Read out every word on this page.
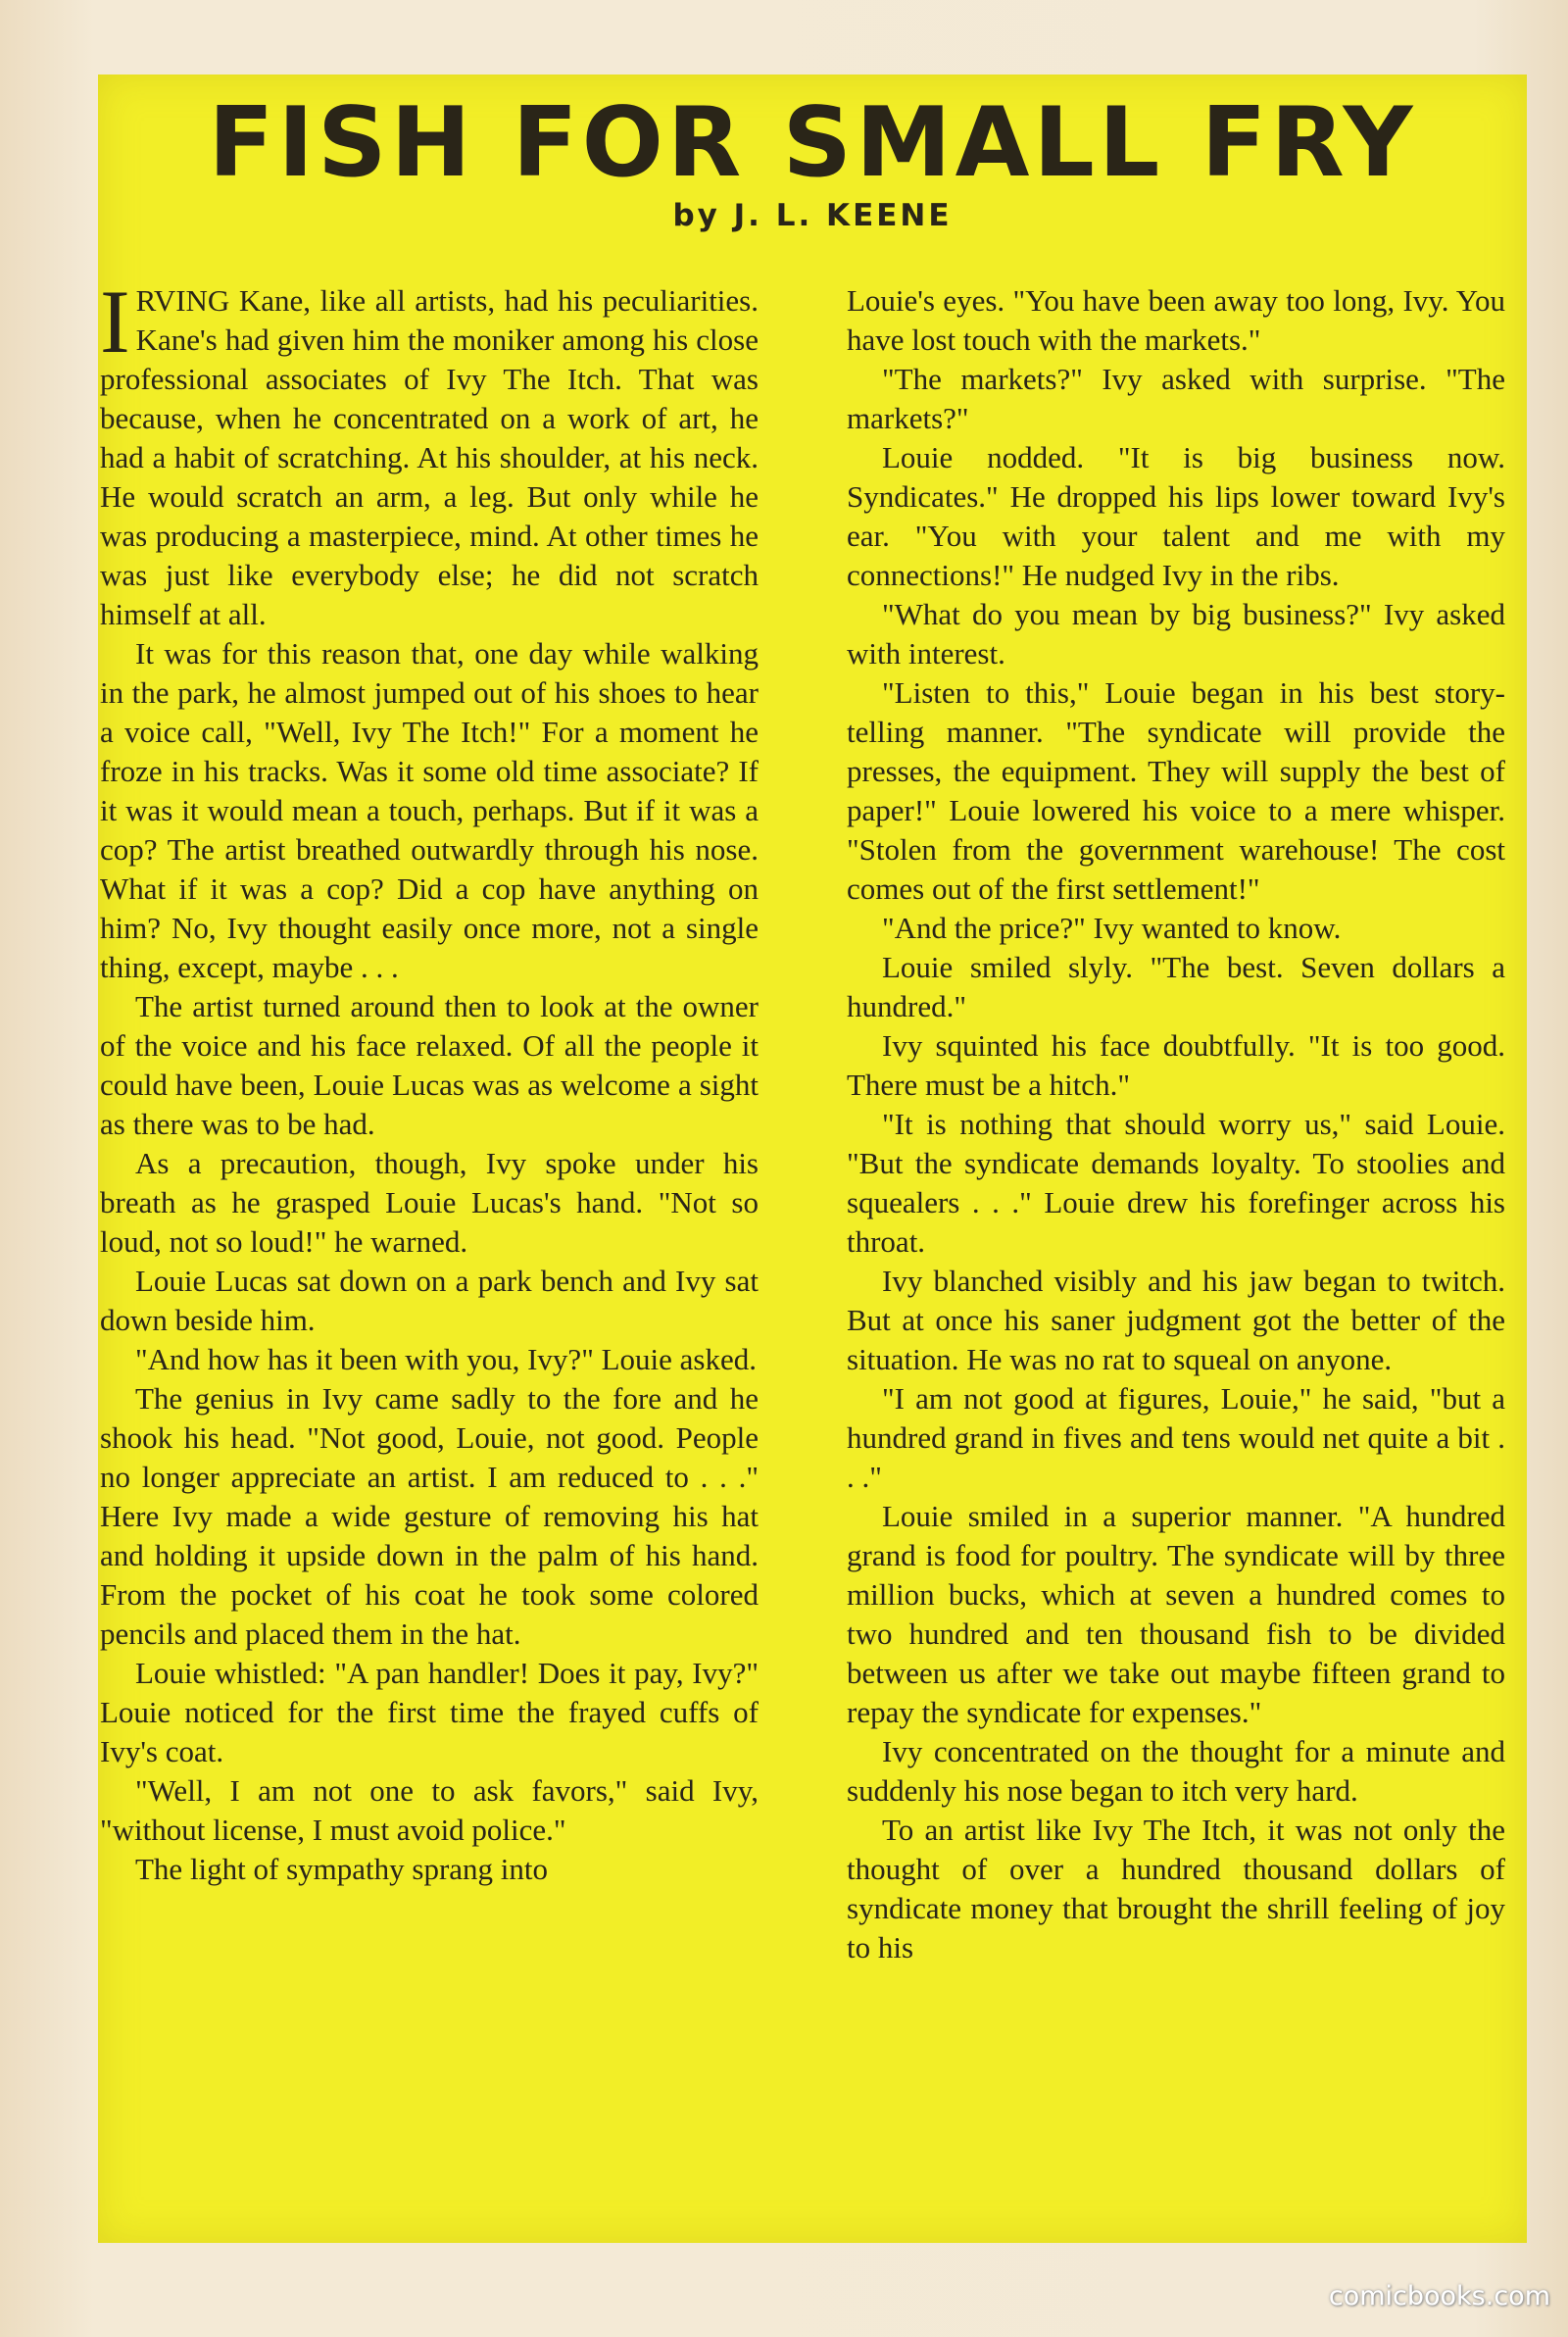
FISH FOR SMALL FRY
by J. L. KEENE

IRVING Kane, like all artists, had his peculiarities. Kane's had given him the moniker among his close professional associates of Ivy The Itch. That was because, when he concentrated on a work of art, he had a habit of scratching. At his shoulder, at his neck. He would scratch an arm, a leg. But only while he was producing a masterpiece, mind. At other times he was just like everybody else; he did not scratch himself at all.

It was for this reason that, one day while walking in the park, he almost jumped out of his shoes to hear a voice call, "Well, Ivy The Itch!" For a moment he froze in his tracks. Was it some old time associate? If it was it would mean a touch, perhaps. But if it was a cop? The artist breathed outwardly through his nose. What if it was a cop? Did a cop have anything on him? No, Ivy thought easily once more, not a single thing, except, maybe . . .

The artist turned around then to look at the owner of the voice and his face relaxed. Of all the people it could have been, Louie Lucas was as welcome a sight as there was to be had.

As a precaution, though, Ivy spoke under his breath as he grasped Louie Lucas's hand. "Not so loud, not so loud!" he warned.

Louie Lucas sat down on a park bench and Ivy sat down beside him.

"And how has it been with you, Ivy?" Louie asked.

The genius in Ivy came sadly to the fore and he shook his head. "Not good, Louie, not good. People no longer appreciate an artist. I am reduced to . . ." Here Ivy made a wide gesture of removing his hat and holding it upside down in the palm of his hand. From the pocket of his coat he took some colored pencils and placed them in the hat.

Louie whistled: "A pan handler! Does it pay, Ivy?" Louie noticed for the first time the frayed cuffs of Ivy's coat.

"Well, I am not one to ask favors," said Ivy, "without license, I must avoid police."

The light of sympathy sprang into

Louie's eyes. "You have been away too long, Ivy. You have lost touch with the markets."

"The markets?" Ivy asked with surprise. "The markets?"

Louie nodded. "It is big business now. Syndicates." He dropped his lips lower toward Ivy's ear. "You with your talent and me with my connections!" He nudged Ivy in the ribs.

"What do you mean by big business?" Ivy asked with interest.

"Listen to this," Louie began in his best story-telling manner. "The syndicate will provide the presses, the equipment. They will supply the best of paper!" Louie lowered his voice to a mere whisper. "Stolen from the government warehouse! The cost comes out of the first settlement!"

"And the price?" Ivy wanted to know.

Louie smiled slyly. "The best. Seven dollars a hundred."

Ivy squinted his face doubtfully. "It is too good. There must be a hitch."

"It is nothing that should worry us," said Louie. "But the syndicate demands loyalty. To stoolies and squealers . . ." Louie drew his forefinger across his throat.

Ivy blanched visibly and his jaw began to twitch. But at once his saner judgment got the better of the situation. He was no rat to squeal on anyone.

"I am not good at figures, Louie," he said, "but a hundred grand in fives and tens would net quite a bit . . ."

Louie smiled in a superior manner. "A hundred grand is food for poultry. The syndicate will by three million bucks, which at seven a hundred comes to two hundred and ten thousand fish to be divided between us after we take out maybe fifteen grand to repay the syndicate for expenses."

Ivy concentrated on the thought for a minute and suddenly his nose began to itch very hard.

To an artist like Ivy The Itch, it was not only the thought of over a hundred thousand dollars of syndicate money that brought the shrill feeling of joy to his

comicbooks.com
